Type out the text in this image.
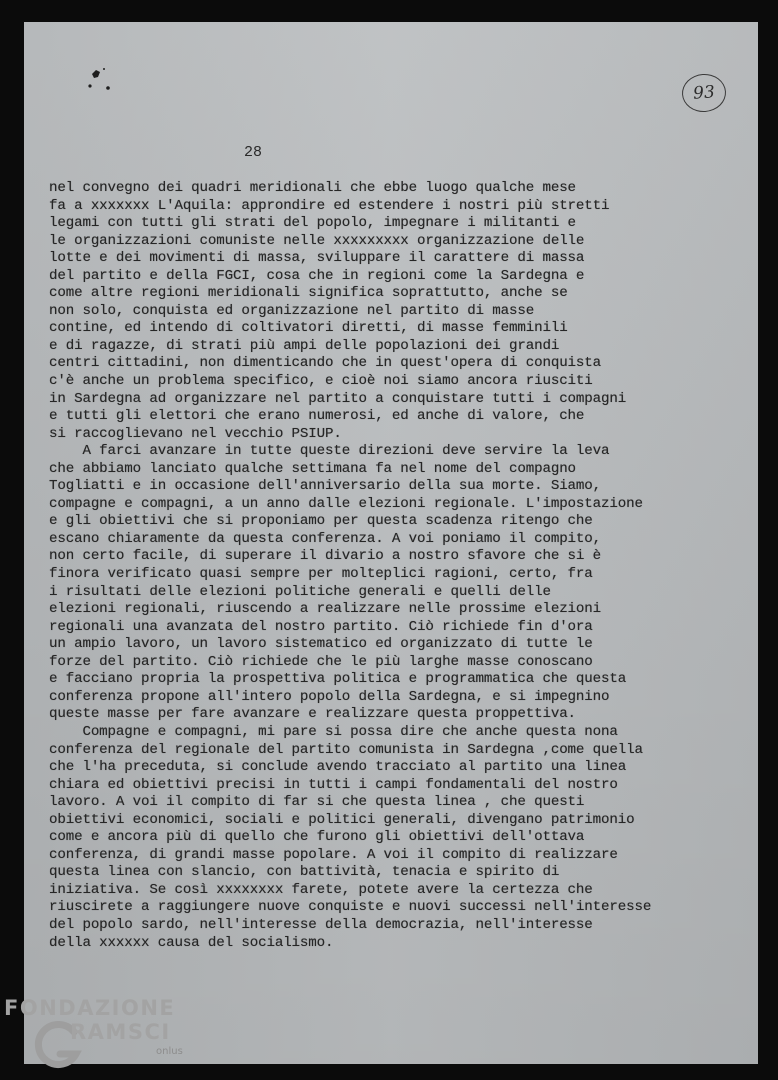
93
28
nel convegno dei quadri meridionali che ebbe luogo qualche mese
fa a xxxxxxx L'Aquila: approndire ed estendere i nostri più stretti
legami con tutti gli strati del popolo, impegnare i militanti e
le organizzazioni comuniste nelle xxxxxxxxx organizzazione delle
lotte e dei movimenti di massa, sviluppare il carattere di massa
del partito e della FGCI, cosa che in regioni come la Sardegna e
come altre regioni meridionali significa soprattutto, anche se
non solo, conquista ed organizzazione nel partito di masse
contine, ed intendo di coltivatori diretti, di masse femminili
e di ragazze, di strati più ampi delle popolazioni dei grandi
centri cittadini, non dimenticando che in quest'opera di conquista
c'è anche un problema specifico, e cioè noi siamo ancora riusciti
in Sardegna ad organizzare nel partito a conquistare tutti i compagni
e tutti gli elettori che erano numerosi, ed anche di valore, che
si raccoglievano nel vecchio PSIUP.
A farci avanzare in tutte queste direzioni deve servire la leva
che abbiamo lanciato qualche settimana fa nel nome del compagno
Togliatti e in occasione dell'anniversario della sua morte. Siamo,
compagne e compagni, a un anno dalle elezioni regionale. L'impostazione
e gli obiettivi che si proponiamo per questa scadenza ritengo che
escano chiaramente da questa conferenza. A voi poniamo il compito,
non certo facile, di superare il divario a nostro sfavore che si è
finora verificato quasi sempre per molteplici ragioni, certo, fra
i risultati delle elezioni politiche generali e quelli delle
elezioni regionali, riuscendo a realizzare nelle prossime elezioni
regionali una avanzata del nostro partito. Ciò richiede fin d'ora
un ampio lavoro, un lavoro sistematico ed organizzato di tutte le
forze del partito. Ciò richiede che le più larghe masse conoscano
e facciano propria la prospettiva politica e programmatica che questa
conferenza propone all'intero popolo della Sardegna, e si impegnino
queste masse per fare avanzare e realizzare questa proppettiva.
Compagne e compagni, mi pare si possa dire che anche questa nona
conferenza del regionale del partito comunista in Sardegna ,come quella
che l'ha preceduta, si conclude avendo tracciato al partito una linea
chiara ed obiettivi precisi in tutti i campi fondamentali del nostro
lavoro. A voi il compito di far si che questa linea , che questi
obiettivi economici, sociali e politici generali, divengano patrimonio
come e ancora più di quello che furono gli obiettivi dell'ottava
conferenza, di grandi masse popolare. A voi il compito di realizzare
questa linea con slancio, con battività, tenacia e spirito di
iniziativa. Se così xxxxxxxx farete, potete avere la certezza che
riuscirete a raggiungere nuove conquiste e nuovi successi nell'interesse
del popolo sardo, nell'interesse della democrazia, nell'interesse
della xxxxxx causa del socialismo.
FONDAZIONE
RAMSCI
onlus
